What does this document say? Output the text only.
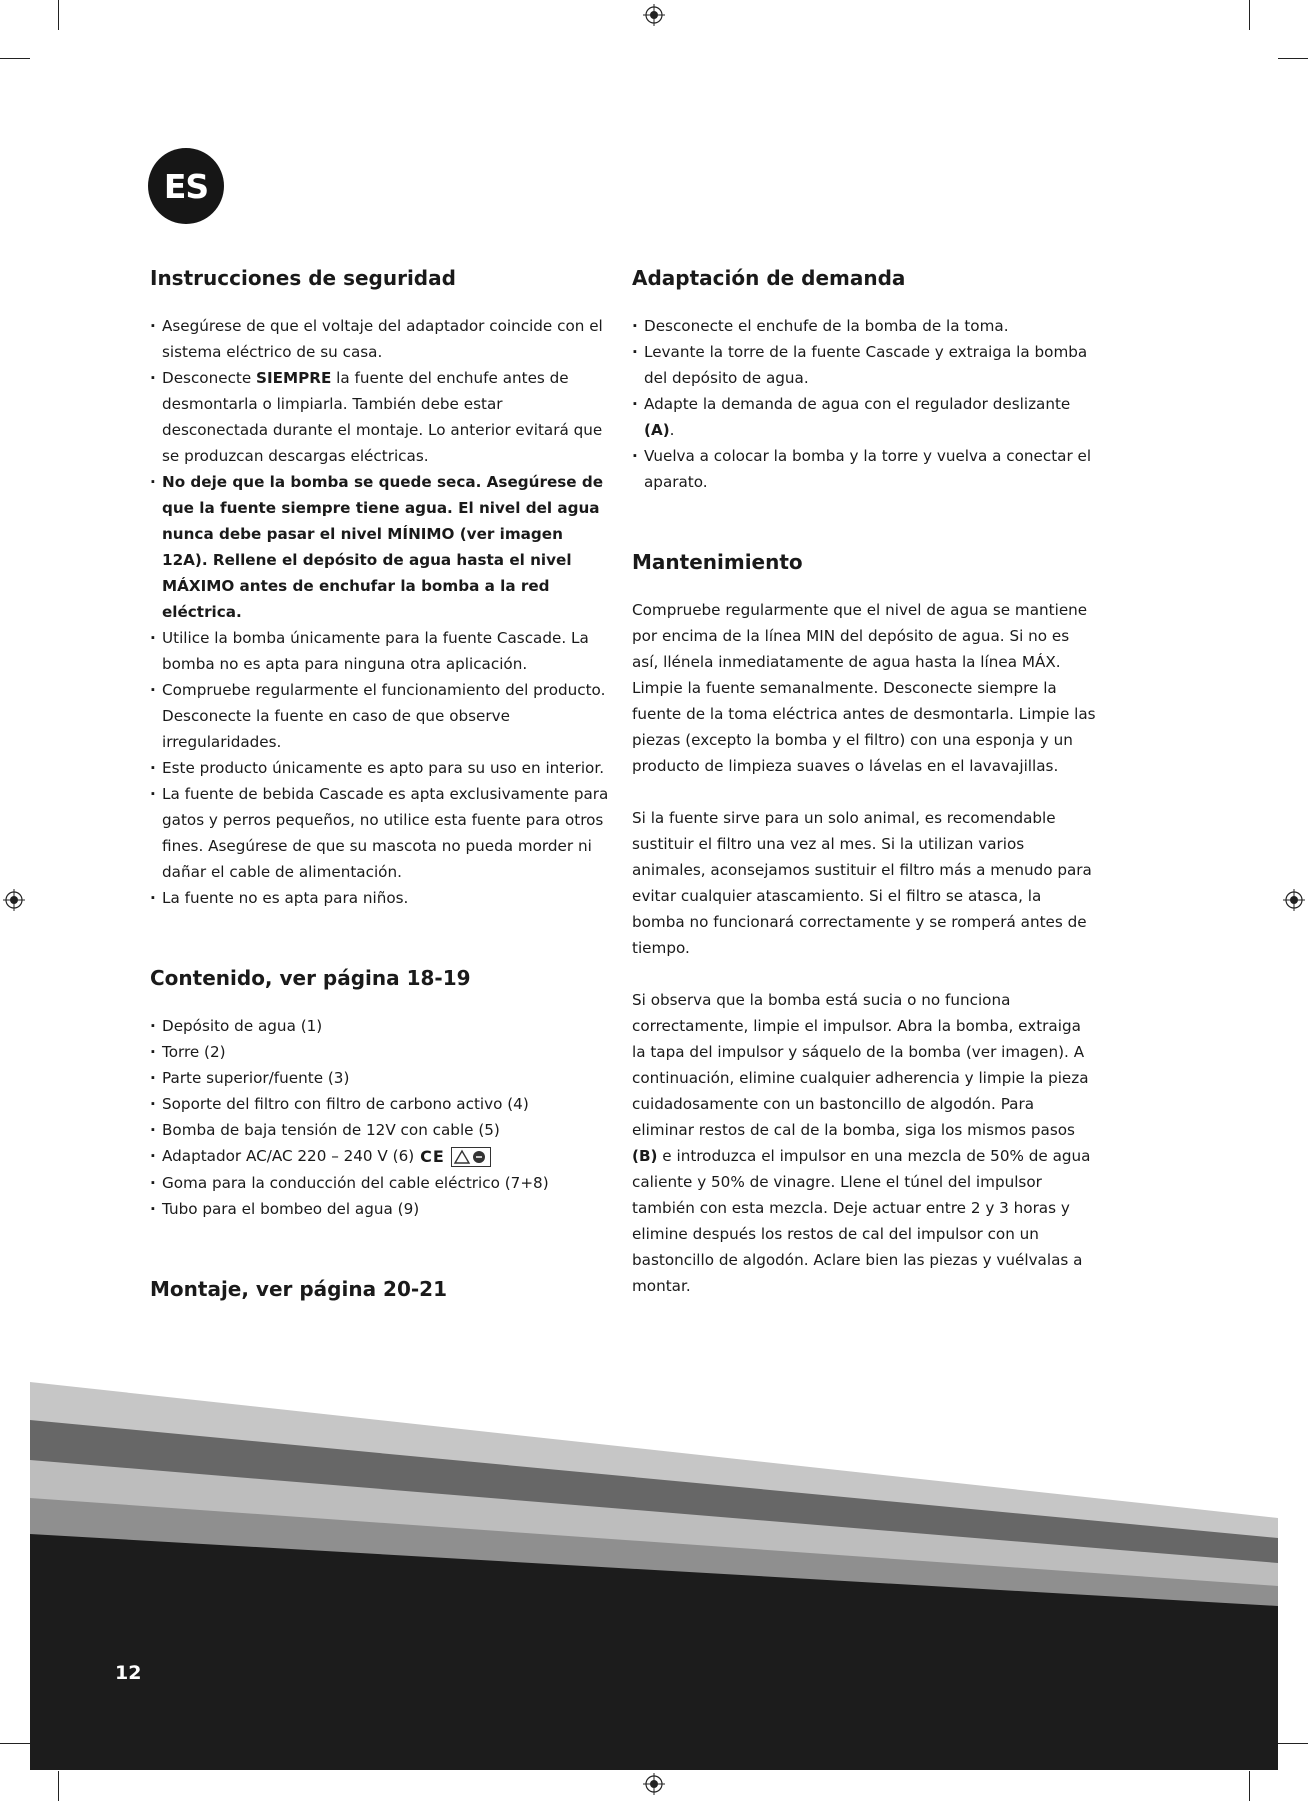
ES
Instrucciones de seguridad
· Asegúrese de que el voltaje del adaptador coincide con el sistema eléctrico de su casa.
· Desconecte SIEMPRE la fuente del enchufe antes de desmontarla o limpiarla. También debe estar desconectada durante el montaje. Lo anterior evitará que se produzcan descargas eléctricas.
· No deje que la bomba se quede seca. Asegúrese de que la fuente siempre tiene agua. El nivel del agua nunca debe pasar el nivel MÍNIMO (ver imagen 12A). Rellene el depósito de agua hasta el nivel MÁXIMO antes de enchufar la bomba a la red eléctrica.
· Utilice la bomba únicamente para la fuente Cascade. La bomba no es apta para ninguna otra aplicación.
· Compruebe regularmente el funcionamiento del producto. Desconecte la fuente en caso de que observe irregularidades.
· Este producto únicamente es apto para su uso en interior.
· La fuente de bebida Cascade es apta exclusivamente para gatos y perros pequeños, no utilice esta fuente para otros fines. Asegúrese de que su mascota no pueda morder ni dañar el cable de alimentación.
· La fuente no es apta para niños.
Contenido, ver página 18-19
· Depósito de agua (1)
· Torre (2)
· Parte superior/fuente (3)
· Soporte del filtro con filtro de carbono activo (4)
· Bomba de baja tensión de 12V con cable (5)
· Adaptador AC/AC 220 – 240 V (6) CE
· Goma para la conducción del cable eléctrico (7+8)
· Tubo para el bombeo del agua (9)
Montaje, ver página 20-21
Adaptación de demanda
· Desconecte el enchufe de la bomba de la toma.
· Levante la torre de la fuente Cascade y extraiga la bomba del depósito de agua.
· Adapte la demanda de agua con el regulador deslizante (A).
· Vuelva a colocar la bomba y la torre y vuelva a conectar el aparato.
Mantenimiento

Compruebe regularmente que el nivel de agua se mantiene por encima de la línea MIN del depósito de agua. Si no es así, llénela inmediatamente de agua hasta la línea MÁX.

Limpie la fuente semanalmente. Desconecte siempre la fuente de la toma eléctrica antes de desmontarla. Limpie las piezas (excepto la bomba y el filtro) con una esponja y un producto de limpieza suaves o lávelas en el lavavajillas.

Si la fuente sirve para un solo animal, es recomendable sustituir el filtro una vez al mes. Si la utilizan varios animales, aconsejamos sustituir el filtro más a menudo para evitar cualquier atascamiento. Si el filtro se atasca, la bomba no funcionará correctamente y se romperá antes de tiempo.

Si observa que la bomba está sucia o no funciona correctamente, limpie el impulsor. Abra la bomba, extraiga la tapa del impulsor y sáquelo de la bomba (ver imagen). A continuación, elimine cualquier adherencia y limpie la pieza cuidadosamente con un bastoncillo de algodón. Para eliminar restos de cal de la bomba, siga los mismos pasos (B) e introduzca el impulsor en una mezcla de 50% de agua caliente y 50% de vinagre. Llene el túnel del impulsor también con esta mezcla. Deje actuar entre 2 y 3 horas y elimine después los restos de cal del impulsor con un bastoncillo de algodón. Aclare bien las piezas y vuélvalas a montar.

12
